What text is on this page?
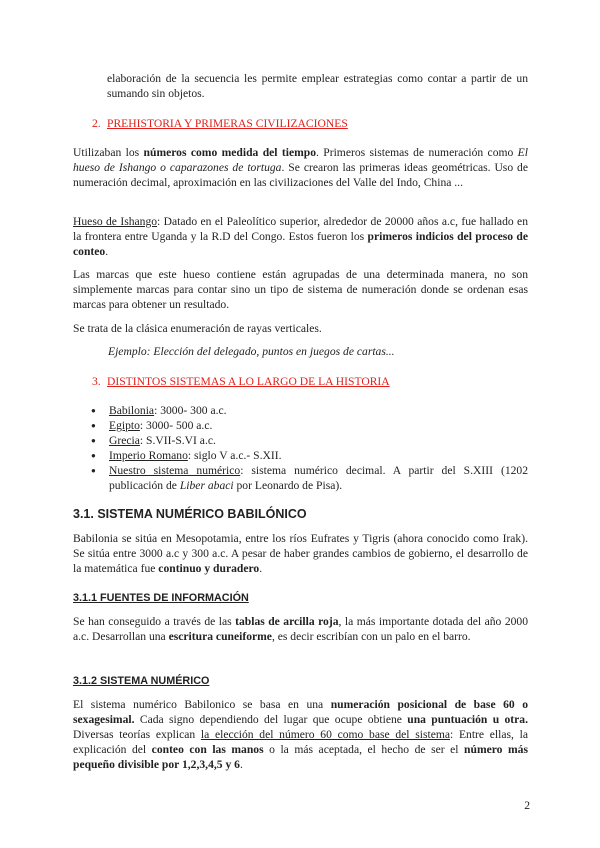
elaboración de la secuencia les permite emplear estrategias como contar a partir de un sumando sin objetos.
2. PREHISTORIA Y PRIMERAS CIVILIZACIONES
Utilizaban los números como medida del tiempo. Primeros sistemas de numeración como El hueso de Ishango o caparazones de tortuga. Se crearon las primeras ideas geométricas. Uso de numeración decimal, aproximación en las civilizaciones del Valle del Indo, China ...
Hueso de Ishango: Datado en el Paleolítico superior, alrededor de 20000 años a.c, fue hallado en la frontera entre Uganda y la R.D del Congo. Estos fueron los primeros indicios del proceso de conteo.
Las marcas que este hueso contiene están agrupadas de una determinada manera, no son simplemente marcas para contar sino un tipo de sistema de numeración donde se ordenan esas marcas para obtener un resultado.
Se trata de la clásica enumeración de rayas verticales.
Ejemplo: Elección del delegado, puntos en juegos de cartas...
3. DISTINTOS SISTEMAS A LO LARGO DE LA HISTORIA
● Babilonia: 3000- 300 a.c.
● Egipto: 3000- 500 a.c.
● Grecia: S.VII-S.VI a.c.
● Imperio Romano: siglo V a.c.- S.XII.
● Nuestro sistema numérico: sistema numérico decimal. A partir del S.XIII (1202 publicación de Liber abaci por Leonardo de Pisa).
3.1. SISTEMA NUMÉRICO BABILÓNICO
Babilonia se sitúa en Mesopotamia, entre los ríos Eufrates y Tigris (ahora conocido como Irak). Se sitúa entre 3000 a.c y 300 a.c. A pesar de haber grandes cambios de gobierno, el desarrollo de la matemática fue continuo y duradero.
3.1.1 FUENTES DE INFORMACIÓN
Se han conseguido a través de las tablas de arcilla roja, la más importante dotada del año 2000 a.c. Desarrollan una escritura cuneiforme, es decir escribían con un palo en el barro.
3.1.2 SISTEMA NUMÉRICO
El sistema numérico Babilonico se basa en una numeración posicional de base 60 o sexagesimal. Cada signo dependiendo del lugar que ocupe obtiene una puntuación u otra. Diversas teorías explican la elección del número 60 como base del sistema: Entre ellas, la explicación del conteo con las manos o la más aceptada, el hecho de ser el número más pequeño divisible por 1,2,3,4,5 y 6.
2
